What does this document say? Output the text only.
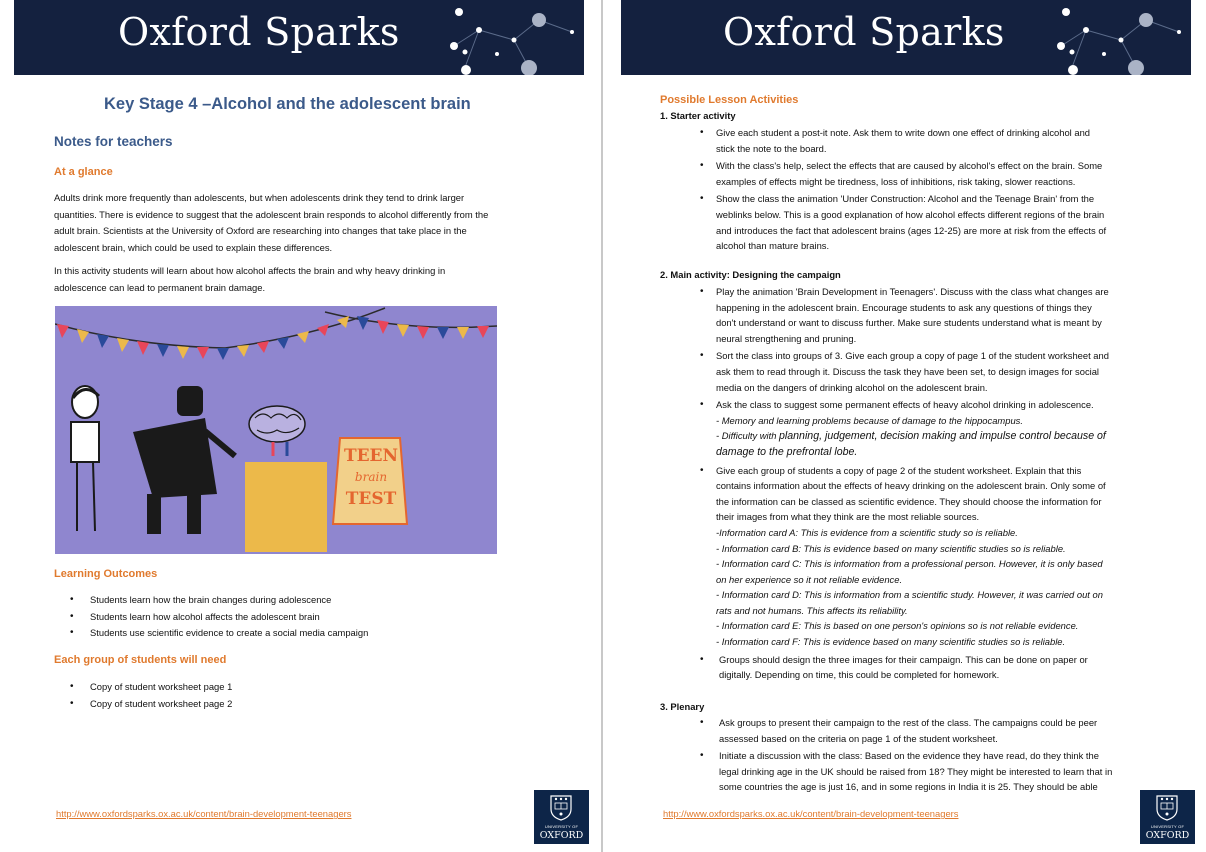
Oxford Sparks
Key Stage 4 –Alcohol and the adolescent brain
Notes for teachers
At a glance
Adults drink more frequently than adolescents, but when adolescents drink they tend to drink larger
quantities. There is evidence to suggest that the adolescent brain responds to alcohol differently from the
adult brain. Scientists at the University of Oxford are researching into changes that take place in the
adolescent brain, which could be used to explain these differences.
In this activity students will learn about how alcohol affects the brain and why heavy drinking in
adolescence can lead to permanent brain damage.
TEEN
brain
TEST
Learning Outcomes
• Students learn how the brain changes during adolescence
• Students learn how alcohol affects the adolescent brain
• Students use scientific evidence to create a social media campaign
Each group of students will need
• Copy of student worksheet page 1
• Copy of student worksheet page 2
http://www.oxfordsparks.ox.ac.uk/content/brain-development-teenagers
UNIVERSITY OF
OXFORD
Oxford Sparks
Possible Lesson Activities
1. Starter activity
• Give each student a post-it note. Ask them to write down one effect of drinking alcohol and
stick the note to the board.
• With the class's help, select the effects that are caused by alcohol's effect on the brain. Some
examples of effects might be tiredness, loss of inhibitions, risk taking, slower reactions.
• Show the class the animation 'Under Construction: Alcohol and the Teenage Brain' from the
weblinks below. This is a good explanation of how alcohol effects different regions of the brain
and introduces the fact that adolescent brains (ages 12-25) are more at risk from the effects of
alcohol than mature brains.
2. Main activity: Designing the campaign
• Play the animation 'Brain Development in Teenagers'. Discuss with the class what changes are
happening in the adolescent brain. Encourage students to ask any questions of things they
don't understand or want to discuss further. Make sure students understand what is meant by
neural strengthening and pruning.
• Sort the class into groups of 3. Give each group a copy of page 1 of the student worksheet and
ask them to read through it. Discuss the task they have been set, to design images for social
media on the dangers of drinking alcohol on the adolescent brain.
• Ask the class to suggest some permanent effects of heavy alcohol drinking in adolescence.
- Memory and learning problems because of damage to the hippocampus.
- Difficulty with planning, judgement, decision making and impulse control because of
damage to the prefrontal lobe.
• Give each group of students a copy of page 2 of the student worksheet. Explain that this
contains information about the effects of heavy drinking on the adolescent brain. Only some of
the information can be classed as scientific evidence. They should choose the information for
their images from what they think are the most reliable sources.
-Information card A: This is evidence from a scientific study so is reliable.
- Information card B: This is evidence based on many scientific studies so is reliable.
- Information card C: This is information from a professional person. However, it is only based
on her experience so it not reliable evidence.
- Information card D: This is information from a scientific study. However, it was carried out on
rats and not humans. This affects its reliability.
- Information card E: This is based on one person's opinions so is not reliable evidence.
- Information card F: This is evidence based on many scientific studies so is reliable.
• Groups should design the three images for their campaign. This can be done on paper or
digitally. Depending on time, this could be completed for homework.
3. Plenary
• Ask groups to present their campaign to the rest of the class. The campaigns could be peer
assessed based on the criteria on page 1 of the student worksheet.
• Initiate a discussion with the class: Based on the evidence they have read, do they think the
legal drinking age in the UK should be raised from 18? They might be interested to learn that in
some countries the age is just 16, and in some regions in India it is 25. They should be able
http://www.oxfordsparks.ox.ac.uk/content/brain-development-teenagers
UNIVERSITY OF
OXFORD
